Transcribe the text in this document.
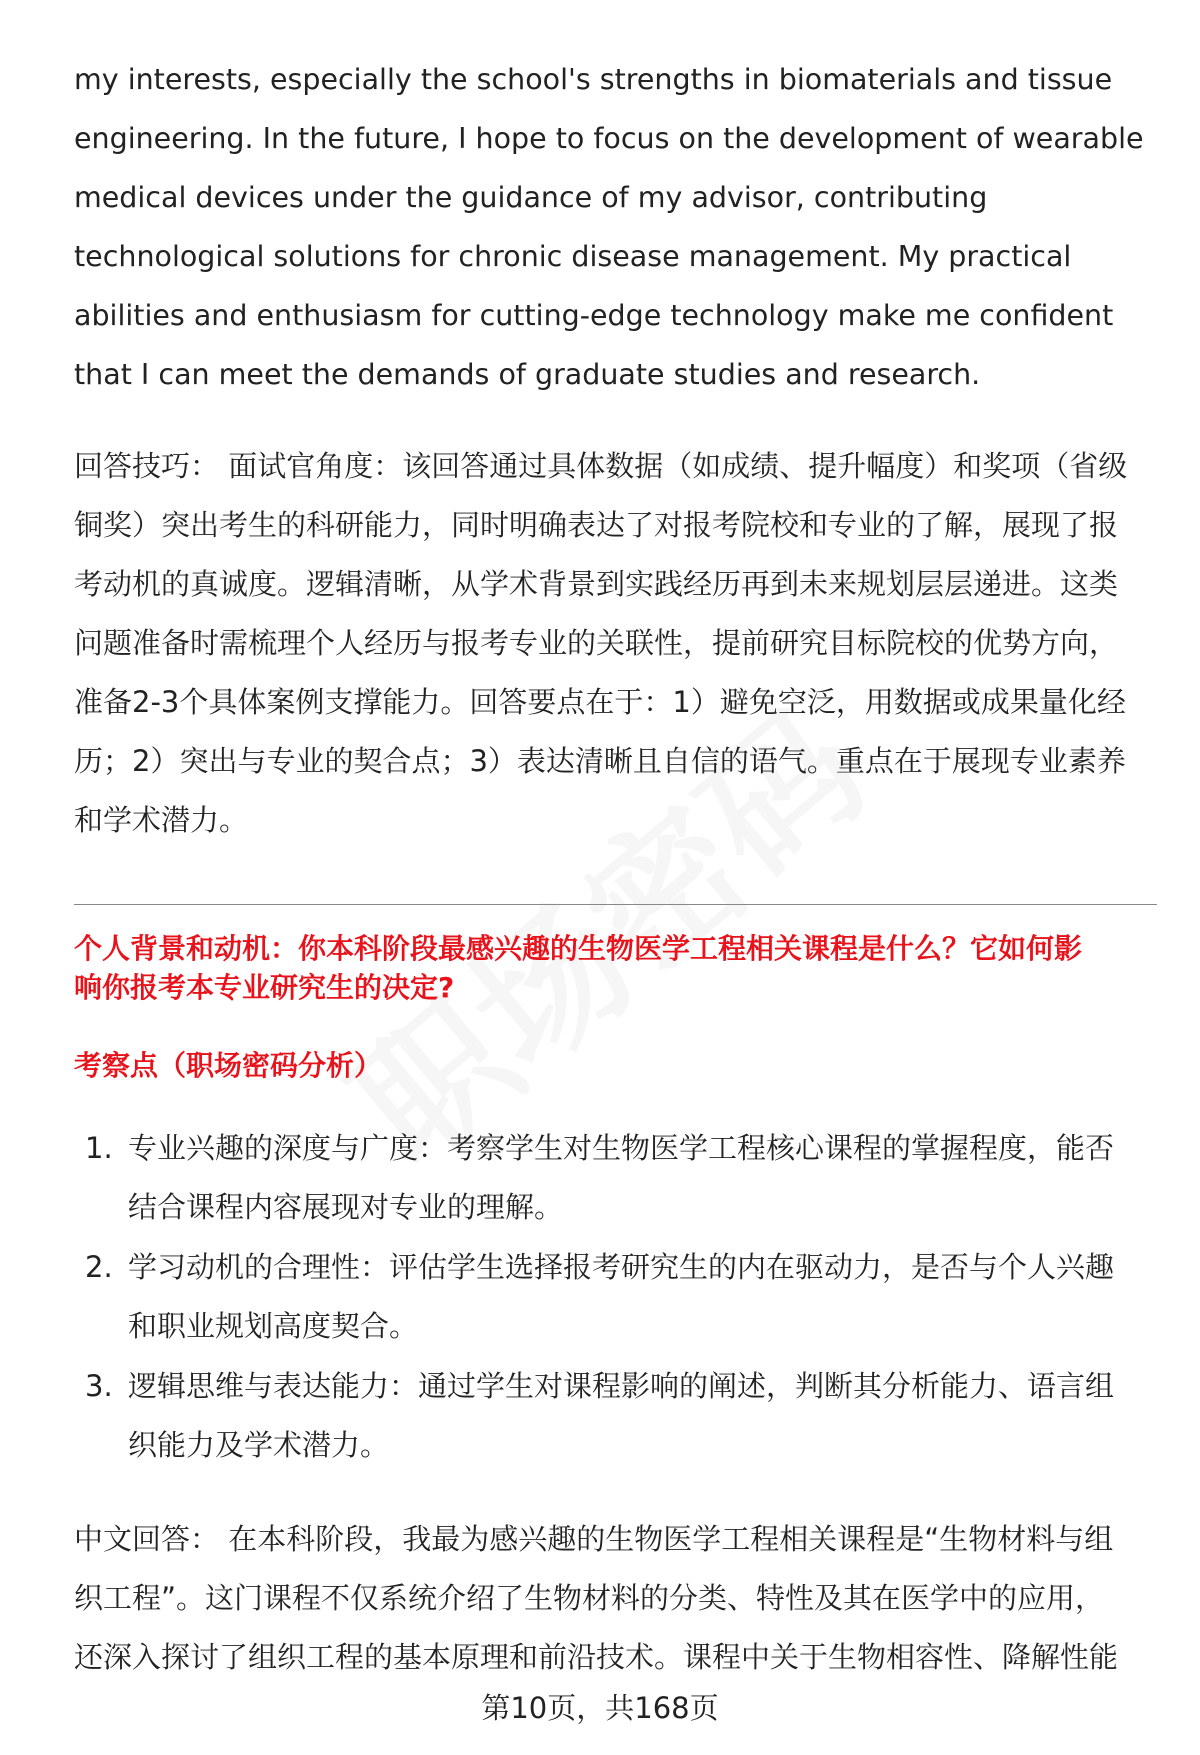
my interests, especially the school's strengths in biomaterials and tissue
engineering. In the future, I hope to focus on the development of wearable
medical devices under the guidance of my advisor, contributing
technological solutions for chronic disease management. My practical
abilities and enthusiasm for cutting-edge technology make me confident
that I can meet the demands of graduate studies and research.

回答技巧： 面试官角度：该回答通过具体数据（如成绩、提升幅度）和奖项（省级
铜奖）突出考生的科研能力，同时明确表达了对报考院校和专业的了解，展现了报
考动机的真诚度。逻辑清晰，从学术背景到实践经历再到未来规划层层递进。这类
问题准备时需梳理个人经历与报考专业的关联性，提前研究目标院校的优势方向，
准备2-3个具体案例支撑能力。回答要点在于：1）避免空泛，用数据或成果量化经
历；2）突出与专业的契合点；3）表达清晰且自信的语气。重点在于展现专业素养
和学术潜力。

个人背景和动机：你本科阶段最感兴趣的生物医学工程相关课程是什么？它如何影
响你报考本专业研究生的决定?

考察点（职场密码分析）

1. 专业兴趣的深度与广度：考察学生对生物医学工程核心课程的掌握程度，能否
结合课程内容展现对专业的理解。
2. 学习动机的合理性：评估学生选择报考研究生的内在驱动力，是否与个人兴趣
和职业规划高度契合。
3. 逻辑思维与表达能力：通过学生对课程影响的阐述，判断其分析能力、语言组
织能力及学术潜力。

中文回答： 在本科阶段，我最为感兴趣的生物医学工程相关课程是“生物材料与组
织工程”。这门课程不仅系统介绍了生物材料的分类、特性及其在医学中的应用，
还深入探讨了组织工程的基本原理和前沿技术。课程中关于生物相容性、降解性能

第10页，共168页
